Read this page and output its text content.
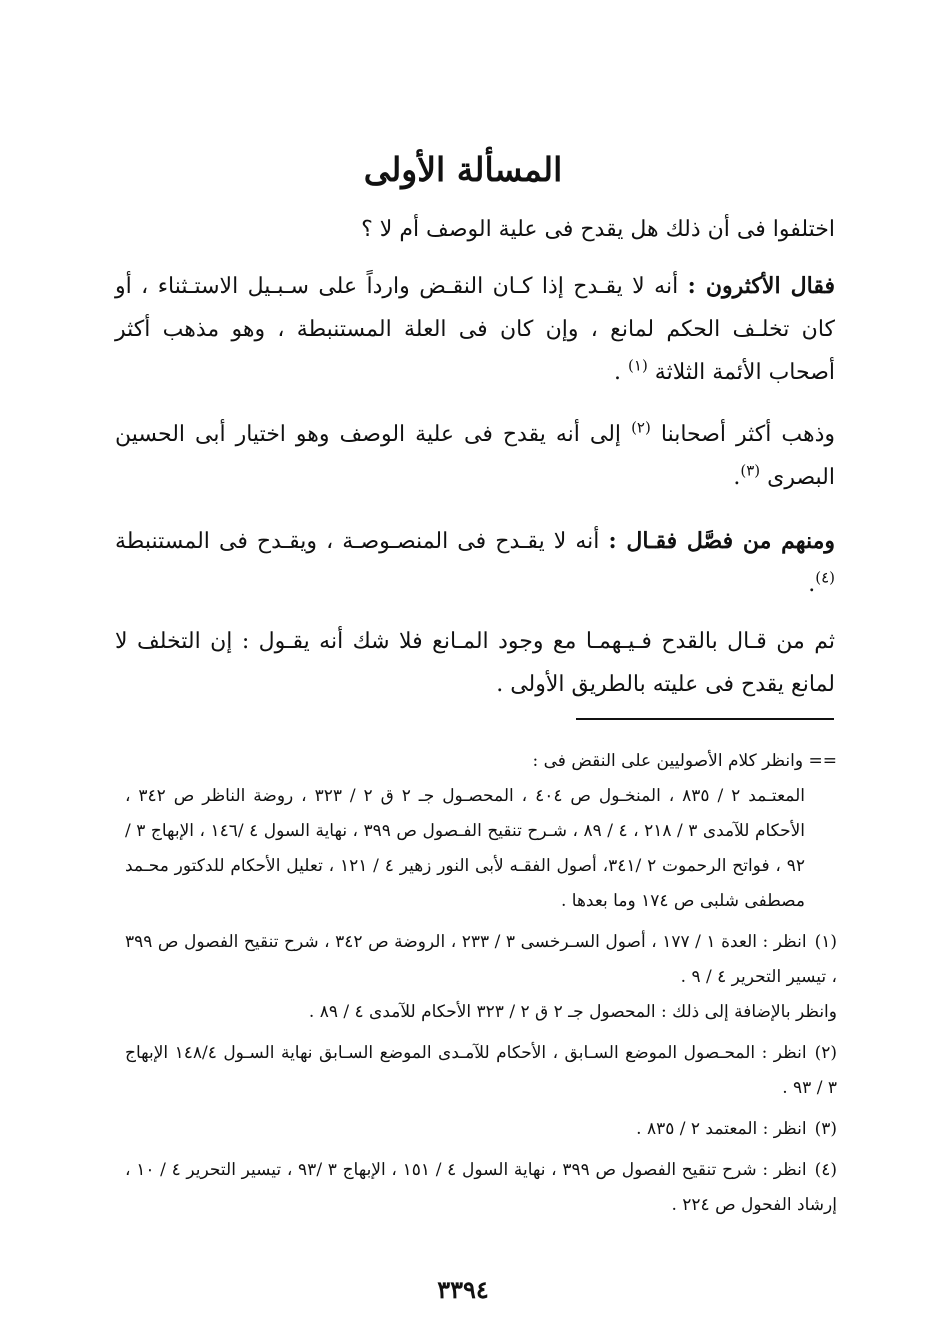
المسألة الأولى
اختلفوا فى أن ذلك هل يقدح فى علية الوصف أم لا ؟
فقال الأكثرون : أنه لا يقـدح إذا كـان النقـض وارداً على سـبـيل الاستـثناء ، أو كان تخلـف الحكم لمانع ، وإن كان فى العلة المستنبطة ، وهو مذهب أكثر أصحاب الأئمة الثلاثة $^{(١)}$ .
وذهب أكثر أصحابنا $^{(٢)}$ إلى أنه يقدح فى علية الوصف وهو اختيار أبى الحسين البصرى $^{(٣)}$.
ومنهم من فصَّل فقـال : أنه لا يقـدح فى المنصـوصـة ، ويقـدح فى المستنبطة $^{(٤)}$.
ثم من قـال بالقدح فـيـهمـا مع وجود المـانع فلا شك أنه يقـول : إن التخلف لا لمانع يقدح فى عليته بالطريق الأولى .

== وانظر كلام الأصوليين على النقض فى :

المعتـمد ٢ / ٨٣٥ ، المنخـول ص ٤٠٤ ، المحصـول جـ ٢ ق ٢ / ٣٢٣ ، روضة الناظر ص ٣٤٢ ، الأحكام للآمدى ٣ / ٢١٨ ، ٤ / ٨٩ ، شـرح تنقيح الفـصول ص ٣٩٩ ، نهاية السول ٤ /١٤٦ ، الإبهاج ٣ / ٩٢ ، فواتح الرحموت ٢ /٣٤١، أصول الفقـه لأبى النور زهير ٤ / ١٢١ ، تعليل الأحكام للدكتور محـمد مصطفى شلبى ص ١٧٤ وما بعدها .

(١)انظر : العدة ١ / ١٧٧ ، أصول السـرخسى ٣ / ٢٣٣ ، الروضة ص ٣٤٢ ، شرح تنقيح الفصول ص ٣٩٩ ، تيسير التحرير ٤ / ٩ .
وانظر بالإضافة إلى ذلك : المحصول جـ ٢ ق ٢ / ٣٢٣ الأحكام للآمدى ٤ / ٨٩ .

(٢)انظر : المحـصول الموضع السـابق ، الأحكام للآمـدى الموضع السـابق نهاية السـول ١٤٨/٤ الإبهاج ٣ / ٩٣ .

(٣)انظر : المعتمد ٢ / ٨٣٥ .

(٤)انظر : شرح تنقيح الفصول ص ٣٩٩ ، نهاية السول ٤ / ١٥١ ، الإبهاج ٣ /٩٣ ، تيسير التحرير ٤ / ١٠ ، إرشاد الفحول ص ٢٢٤ .

٣٣٩٤
